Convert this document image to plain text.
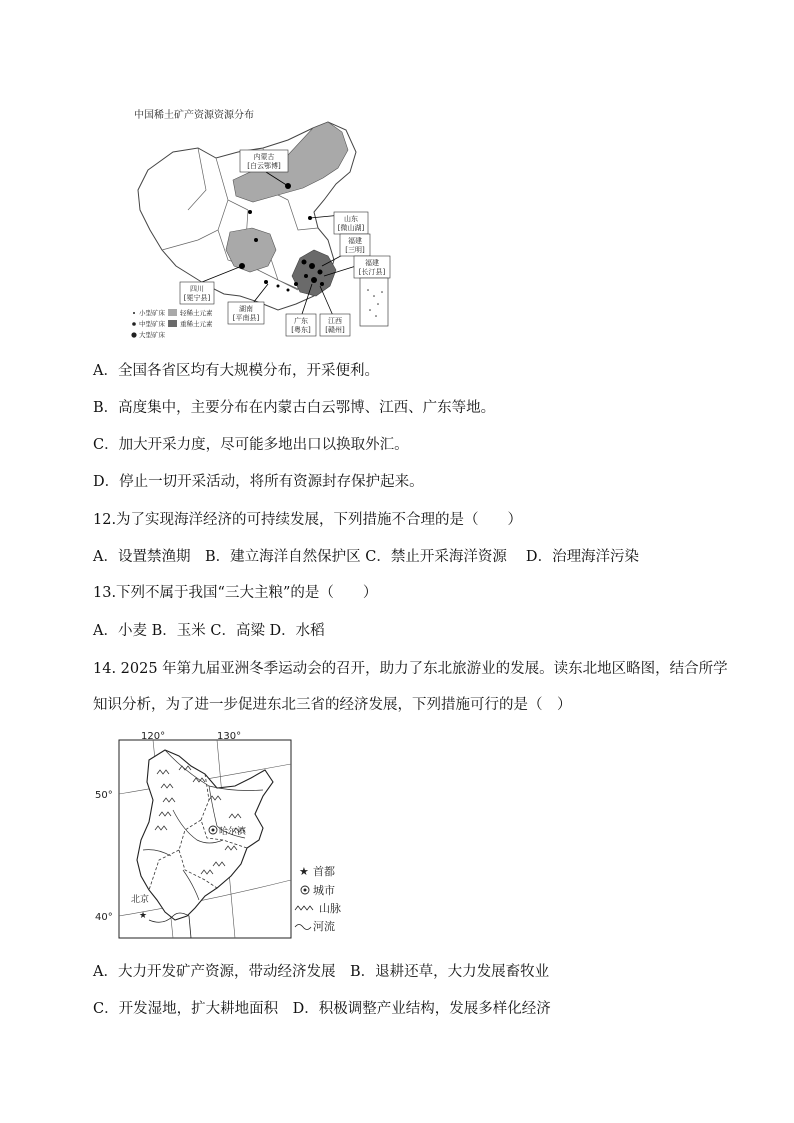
中国稀土矿产资源资源分布
内蒙古
[白云鄂博]
山东
[微山湖]
福建
[三明]
福建
[长汀县]
四川
[冕宁县]
湖南
[平南县]	广东
[粤东]
江西
[赣州]
小型矿床
中型矿床
大型矿床
轻稀土元素
重稀土元素
A．全国各省区均有大规模分布，开采便利。
B．高度集中，主要分布在内蒙古白云鄂博、江西、广东等地。
C．加大开采力度，尽可能多地出口以换取外汇。
D．停止一切开采活动，将所有资源封存保护起来。
12.为了实现海洋经济的可持续发展，下列措施不合理的是（　　）
A．设置禁渔期　B．建立海洋自然保护区 C．禁止开采海洋资源　 D．治理海洋污染
13.下列不属于我国“三大主粮”的是（　　）
A．小麦 B．玉米 C．高粱 D．水稻
14. 2025 年第九届亚洲冬季运动会的召开，助力了东北旅游业的发展。读东北地区略图，结合所学
知识分析，为了进一步促进东北三省的经济发展，下列措施可行的是（　）
120°	130°
50°
40°
哈尔滨
北京
★
★ 首都
城市
山脉
河流
A．大力开发矿产资源，带动经济发展　B．退耕还草，大力发展畜牧业
C．开发湿地，扩大耕地面积　D．积极调整产业结构，发展多样化经济
